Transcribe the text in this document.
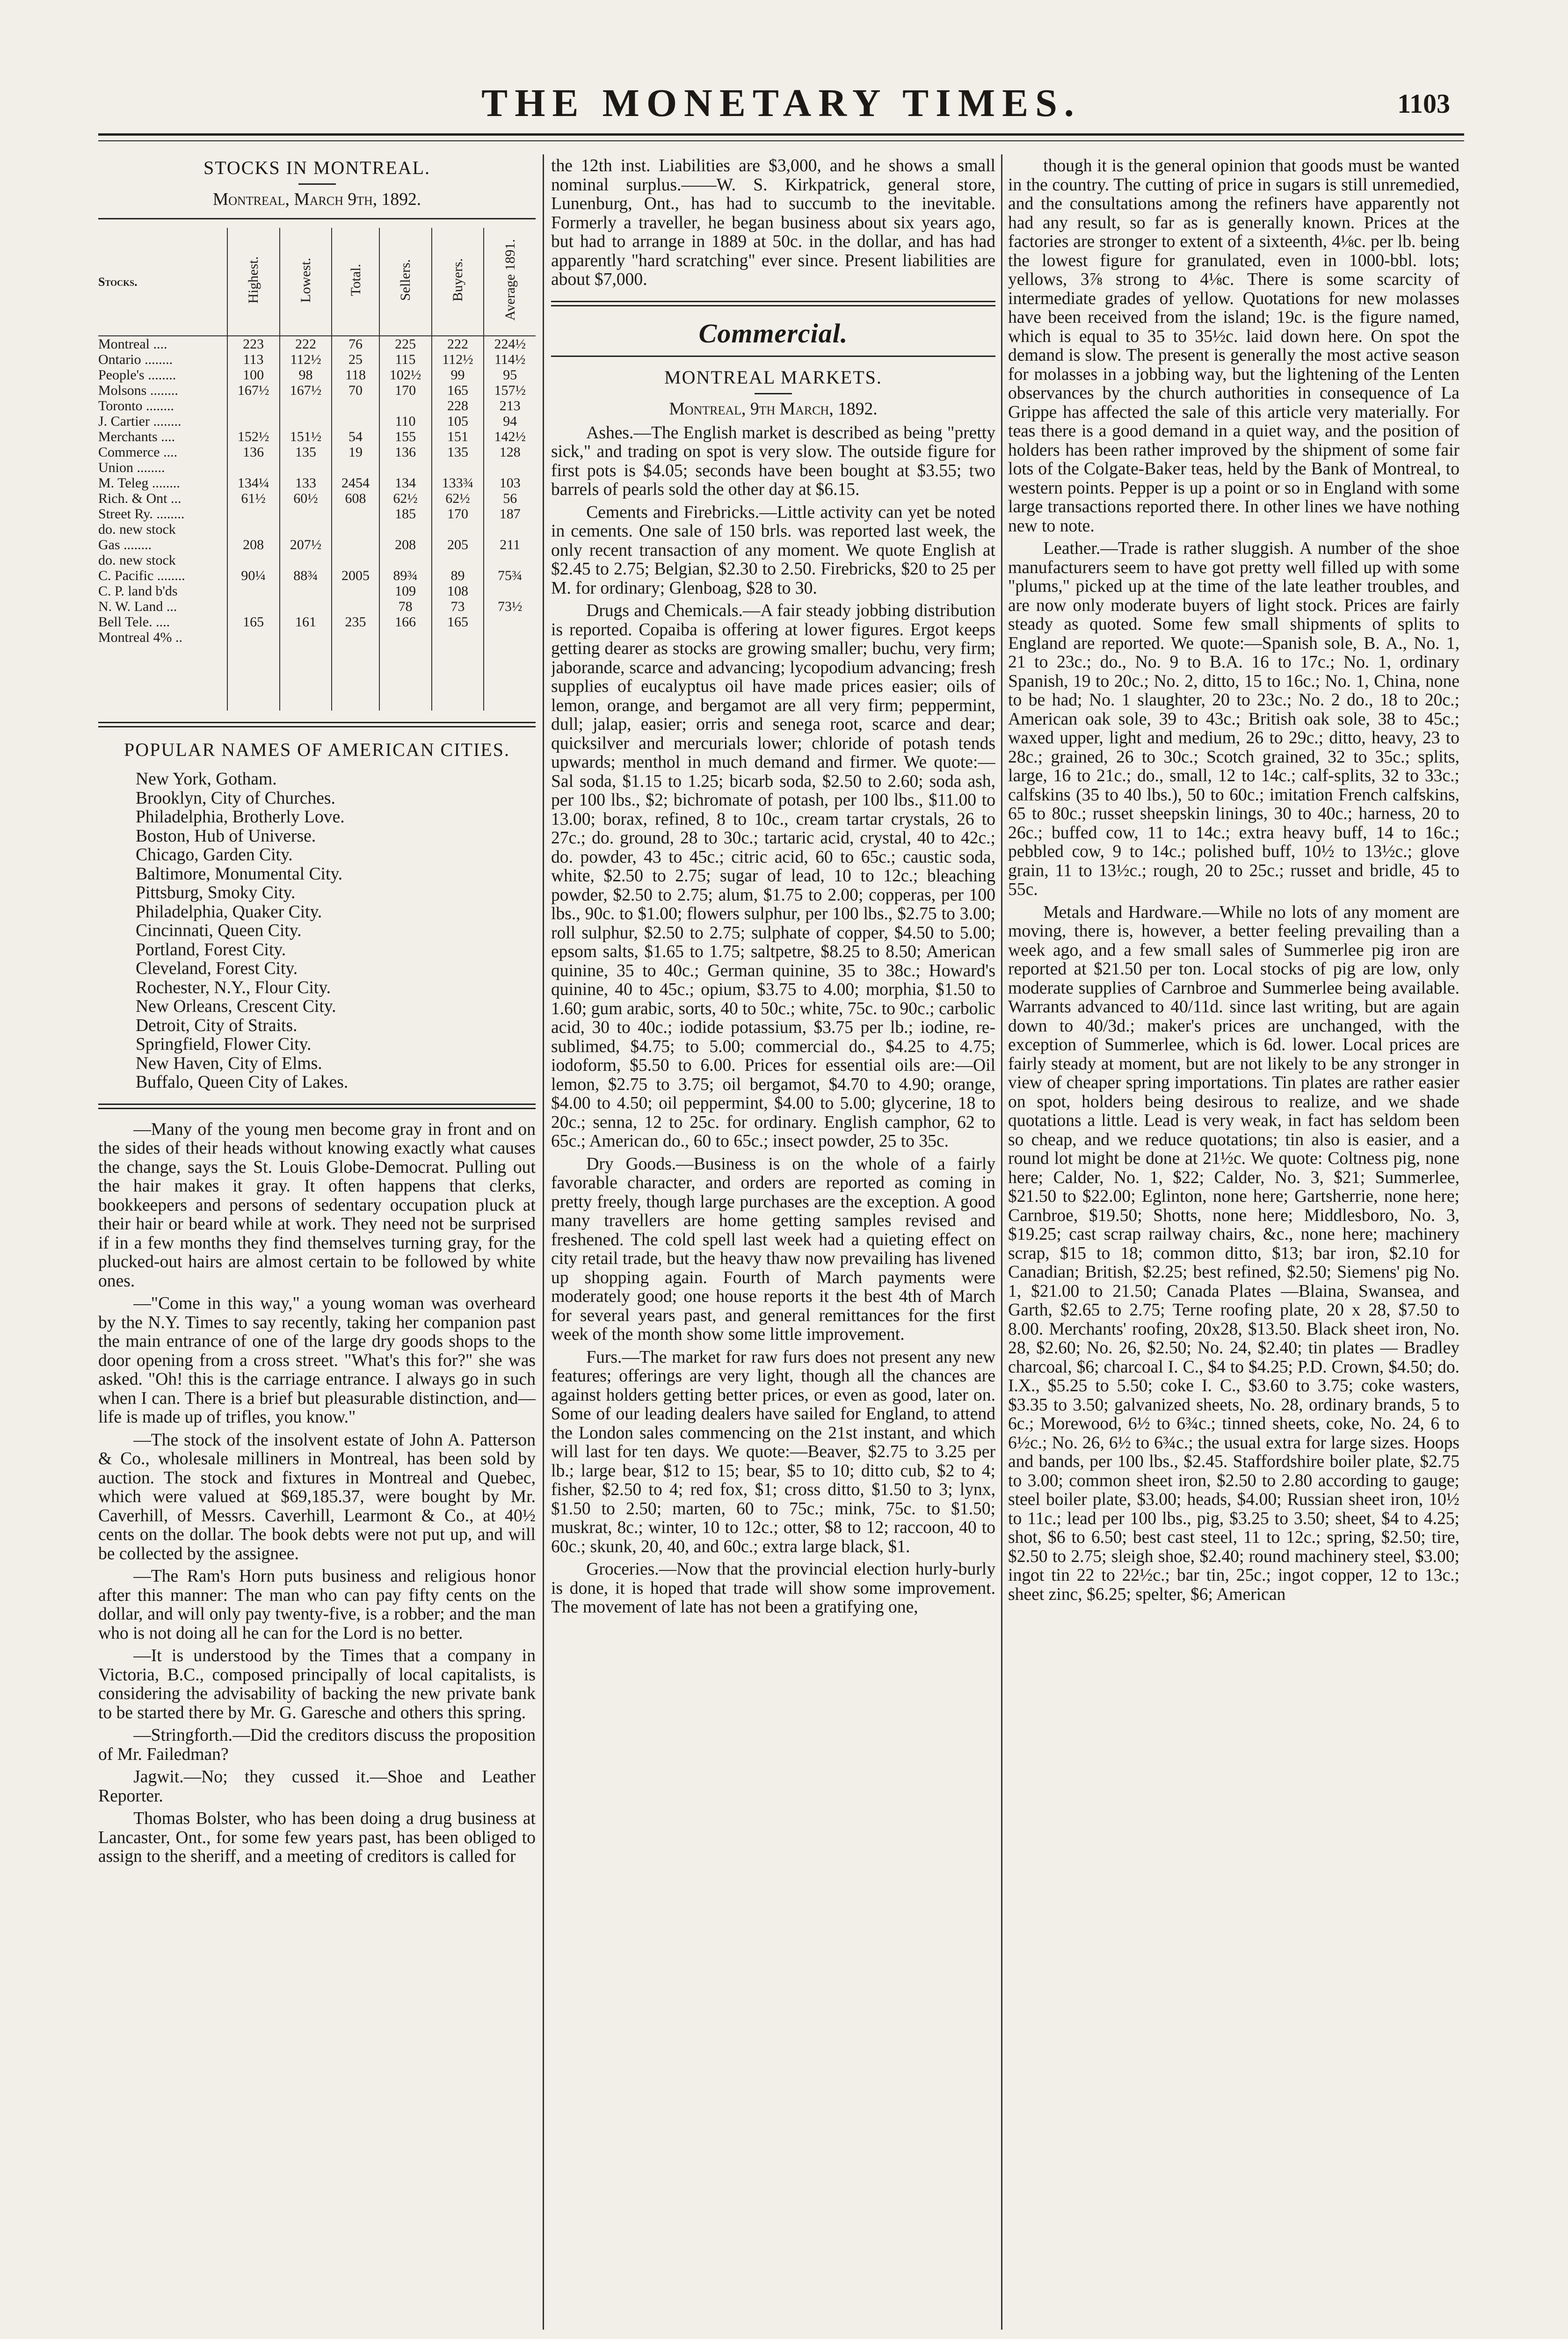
THE MONETARY TIMES.	1103

STOCKS IN MONTREAL.

Montreal, March 9th, 1892.

Stocks.	Highest.	Lowest.	Total.	Sellers.	Buyers.	Average 1891.
Montreal ....	223	222	76	225	222	224½
Ontario ........	113	112½	25	115	112½	114½
People's ........	100	98	118	102½	99	95
Molsons ........	167½	167½	70	170	165	157½
Toronto ........					228	213
J. Cartier ........				110	105	94
Merchants ....	152½	151½	54	155	151	142½
Commerce ....	136	135	19	136	135	128
Union ........						
M. Teleg ........	134¼	133	2454	134	133¾	103
Rich. & Ont ...	61½	60½	608	62½	62½	56
Street Ry. ........				185	170	187
do. new stock						
Gas ........	208	207½		208	205	211
do. new stock						
C. Pacific ........	90¼	88¾	2005	89¾	89	75¾
C. P. land b'ds				109	108	
N. W. Land ...				78	73	73½
Bell Tele. ....	165	161	235	166	165	
Montreal 4% ..						

POPULAR NAMES OF AMERICAN CITIES.

New York, Gotham.
Brooklyn, City of Churches.
Philadelphia, Brotherly Love.
Boston, Hub of Universe.
Chicago, Garden City.
Baltimore, Monumental City.
Pittsburg, Smoky City.
Philadelphia, Quaker City.
Cincinnati, Queen City.
Portland, Forest City.
Cleveland, Forest City.
Rochester, N.Y., Flour City.
New Orleans, Crescent City.
Detroit, City of Straits.
Springfield, Flower City.
New Haven, City of Elms.
Buffalo, Queen City of Lakes.

—Many of the young men become gray in front and on the sides of their heads without knowing exactly what causes the change, says the St. Louis Globe-Democrat. Pulling out the hair makes it gray. It often happens that clerks, bookkeepers and persons of sedentary occupation pluck at their hair or beard while at work. They need not be surprised if in a few months they find themselves turning gray, for the plucked-out hairs are almost certain to be followed by white ones.

—"Come in this way," a young woman was overheard by the N.Y. Times to say recently, taking her companion past the main entrance of one of the large dry goods shops to the door opening from a cross street. "What's this for?" she was asked. "Oh! this is the carriage entrance. I always go in such when I can. There is a brief but pleasurable distinction, and—life is made up of trifles, you know."

—The stock of the insolvent estate of John A. Patterson & Co., wholesale milliners in Montreal, has been sold by auction. The stock and fixtures in Montreal and Quebec, which were valued at $69,185.37, were bought by Mr. Caverhill, of Messrs. Caverhill, Learmont & Co., at 40½ cents on the dollar. The book debts were not put up, and will be collected by the assignee.

—The Ram's Horn puts business and religious honor after this manner: The man who can pay fifty cents on the dollar, and will only pay twenty-five, is a robber; and the man who is not doing all he can for the Lord is no better.

—It is understood by the Times that a company in Victoria, B.C., composed principally of local capitalists, is considering the advisability of backing the new private bank to be started there by Mr. G. Garesche and others this spring.

—Stringforth.—Did the creditors discuss the proposition of Mr. Failedman?

Jagwit.—No; they cussed it.—Shoe and Leather Reporter.

Thomas Bolster, who has been doing a drug business at Lancaster, Ont., for some few years past, has been obliged to assign to the sheriff, and a meeting of creditors is called for

the 12th inst. Liabilities are $3,000, and he shows a small nominal surplus.——W. S. Kirkpatrick, general store, Lunenburg, Ont., has had to succumb to the inevitable. Formerly a traveller, he began business about six years ago, but had to arrange in 1889 at 50c. in the dollar, and has had apparently "hard scratching" ever since. Present liabilities are about $7,000.

Commercial.

MONTREAL MARKETS.

Montreal, 9th March, 1892.

Ashes.—The English market is described as being "pretty sick," and trading on spot is very slow. The outside figure for first pots is $4.05; seconds have been bought at $3.55; two barrels of pearls sold the other day at $6.15.

Cements and Firebricks.—Little activity can yet be noted in cements. One sale of 150 brls. was reported last week, the only recent transaction of any moment. We quote English at $2.45 to 2.75; Belgian, $2.30 to 2.50. Firebricks, $20 to 25 per M. for ordinary; Glenboag, $28 to 30.

Drugs and Chemicals.—A fair steady jobbing distribution is reported. Copaiba is offering at lower figures. Ergot keeps getting dearer as stocks are growing smaller; buchu, very firm; jaborande, scarce and advancing; lycopodium advancing; fresh supplies of eucalyptus oil have made prices easier; oils of lemon, orange, and bergamot are all very firm; peppermint, dull; jalap, easier; orris and senega root, scarce and dear; quicksilver and mercurials lower; chloride of potash tends upwards; menthol in much demand and firmer. We quote:—Sal soda, $1.15 to 1.25; bicarb soda, $2.50 to 2.60; soda ash, per 100 lbs., $2; bichromate of potash, per 100 lbs., $11.00 to 13.00; borax, refined, 8 to 10c., cream tartar crystals, 26 to 27c.; do. ground, 28 to 30c.; tartaric acid, crystal, 40 to 42c.; do. powder, 43 to 45c.; citric acid, 60 to 65c.; caustic soda, white, $2.50 to 2.75; sugar of lead, 10 to 12c.; bleaching powder, $2.50 to 2.75; alum, $1.75 to 2.00; copperas, per 100 lbs., 90c. to $1.00; flowers sulphur, per 100 lbs., $2.75 to 3.00; roll sulphur, $2.50 to 2.75; sulphate of copper, $4.50 to 5.00; epsom salts, $1.65 to 1.75; saltpetre, $8.25 to 8.50; American quinine, 35 to 40c.; German quinine, 35 to 38c.; Howard's quinine, 40 to 45c.; opium, $3.75 to 4.00; morphia, $1.50 to 1.60; gum arabic, sorts, 40 to 50c.; white, 75c. to 90c.; carbolic acid, 30 to 40c.; iodide potassium, $3.75 per lb.; iodine, re-sublimed, $4.75; to 5.00; commercial do., $4.25 to 4.75; iodoform, $5.50 to 6.00. Prices for essential oils are:—Oil lemon, $2.75 to 3.75; oil bergamot, $4.70 to 4.90; orange, $4.00 to 4.50; oil peppermint, $4.00 to 5.00; glycerine, 18 to 20c.; senna, 12 to 25c. for ordinary. English camphor, 62 to 65c.; American do., 60 to 65c.; insect powder, 25 to 35c.

Dry Goods.—Business is on the whole of a fairly favorable character, and orders are reported as coming in pretty freely, though large purchases are the exception. A good many travellers are home getting samples revised and freshened. The cold spell last week had a quieting effect on city retail trade, but the heavy thaw now prevailing has livened up shopping again. Fourth of March payments were moderately good; one house reports it the best 4th of March for several years past, and general remittances for the first week of the month show some little improvement.

Furs.—The market for raw furs does not present any new features; offerings are very light, though all the chances are against holders getting better prices, or even as good, later on. Some of our leading dealers have sailed for England, to attend the London sales commencing on the 21st instant, and which will last for ten days. We quote:—Beaver, $2.75 to 3.25 per lb.; large bear, $12 to 15; bear, $5 to 10; ditto cub, $2 to 4; fisher, $2.50 to 4; red fox, $1; cross ditto, $1.50 to 3; lynx, $1.50 to 2.50; marten, 60 to 75c.; mink, 75c. to $1.50; muskrat, 8c.; winter, 10 to 12c.; otter, $8 to 12; raccoon, 40 to 60c.; skunk, 20, 40, and 60c.; extra large black, $1.

Groceries.—Now that the provincial election hurly-burly is done, it is hoped that trade will show some improvement. The movement of late has not been a gratifying one,

though it is the general opinion that goods must be wanted in the country. The cutting of price in sugars is still unremedied, and the consultations among the refiners have apparently not had any result, so far as is generally known. Prices at the factories are stronger to extent of a sixteenth, 4⅛c. per lb. being the lowest figure for granulated, even in 1000-bbl. lots; yellows, 3⅞ strong to 4⅛c. There is some scarcity of intermediate grades of yellow. Quotations for new molasses have been received from the island; 19c. is the figure named, which is equal to 35 to 35½c. laid down here. On spot the demand is slow. The present is generally the most active season for molasses in a jobbing way, but the lightening of the Lenten observances by the church authorities in consequence of La Grippe has affected the sale of this article very materially. For teas there is a good demand in a quiet way, and the position of holders has been rather improved by the shipment of some fair lots of the Colgate-Baker teas, held by the Bank of Montreal, to western points. Pepper is up a point or so in England with some large transactions reported there. In other lines we have nothing new to note.

Leather.—Trade is rather sluggish. A number of the shoe manufacturers seem to have got pretty well filled up with some "plums," picked up at the time of the late leather troubles, and are now only moderate buyers of light stock. Prices are fairly steady as quoted. Some few small shipments of splits to England are reported. We quote:—Spanish sole, B. A., No. 1, 21 to 23c.; do., No. 9 to B.A. 16 to 17c.; No. 1, ordinary Spanish, 19 to 20c.; No. 2, ditto, 15 to 16c.; No. 1, China, none to be had; No. 1 slaughter, 20 to 23c.; No. 2 do., 18 to 20c.; American oak sole, 39 to 43c.; British oak sole, 38 to 45c.; waxed upper, light and medium, 26 to 29c.; ditto, heavy, 23 to 28c.; grained, 26 to 30c.; Scotch grained, 32 to 35c.; splits, large, 16 to 21c.; do., small, 12 to 14c.; calf-splits, 32 to 33c.; calfskins (35 to 40 lbs.), 50 to 60c.; imitation French calfskins, 65 to 80c.; russet sheepskin linings, 30 to 40c.; harness, 20 to 26c.; buffed cow, 11 to 14c.; extra heavy buff, 14 to 16c.; pebbled cow, 9 to 14c.; polished buff, 10½ to 13½c.; glove grain, 11 to 13½c.; rough, 20 to 25c.; russet and bridle, 45 to 55c.

Metals and Hardware.—While no lots of any moment are moving, there is, however, a better feeling prevailing than a week ago, and a few small sales of Summerlee pig iron are reported at $21.50 per ton. Local stocks of pig are low, only moderate supplies of Carnbroe and Summerlee being available. Warrants advanced to 40/11d. since last writing, but are again down to 40/3d.; maker's prices are unchanged, with the exception of Summerlee, which is 6d. lower. Local prices are fairly steady at moment, but are not likely to be any stronger in view of cheaper spring importations. Tin plates are rather easier on spot, holders being desirous to realize, and we shade quotations a little. Lead is very weak, in fact has seldom been so cheap, and we reduce quotations; tin also is easier, and a round lot might be done at 21½c. We quote: Coltness pig, none here; Calder, No. 1, $22; Calder, No. 3, $21; Summerlee, $21.50 to $22.00; Eglinton, none here; Gartsherrie, none here; Carnbroe, $19.50; Shotts, none here; Middlesboro, No. 3, $19.25; cast scrap railway chairs, &c., none here; machinery scrap, $15 to 18; common ditto, $13; bar iron, $2.10 for Canadian; British, $2.25; best refined, $2.50; Siemens' pig No. 1, $21.00 to 21.50; Canada Plates —Blaina, Swansea, and Garth, $2.65 to 2.75; Terne roofing plate, 20 x 28, $7.50 to 8.00. Merchants' roofing, 20x28, $13.50. Black sheet iron, No. 28, $2.60; No. 26, $2.50; No. 24, $2.40; tin plates — Bradley charcoal, $6; charcoal I. C., $4 to $4.25; P.D. Crown, $4.50; do. I.X., $5.25 to 5.50; coke I. C., $3.60 to 3.75; coke wasters, $3.35 to 3.50; galvanized sheets, No. 28, ordinary brands, 5 to 6c.; Morewood, 6½ to 6¾c.; tinned sheets, coke, No. 24, 6 to 6½c.; No. 26, 6½ to 6¾c.; the usual extra for large sizes. Hoops and bands, per 100 lbs., $2.45. Staffordshire boiler plate, $2.75 to 3.00; common sheet iron, $2.50 to 2.80 according to gauge; steel boiler plate, $3.00; heads, $4.00; Russian sheet iron, 10½ to 11c.; lead per 100 lbs., pig, $3.25 to 3.50; sheet, $4 to 4.25; shot, $6 to 6.50; best cast steel, 11 to 12c.; spring, $2.50; tire, $2.50 to 2.75; sleigh shoe, $2.40; round machinery steel, $3.00; ingot tin 22 to 22½c.; bar tin, 25c.; ingot copper, 12 to 13c.; sheet zinc, $6.25; spelter, $6; American
